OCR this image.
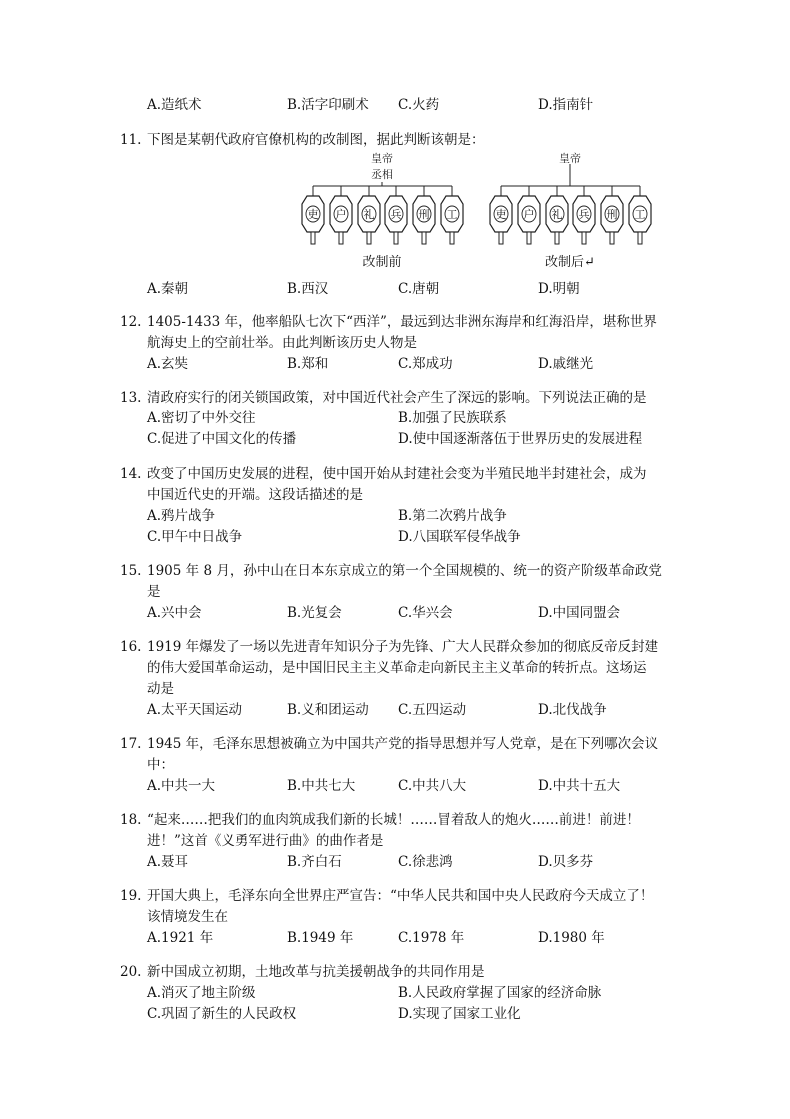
A.造纸术	B.活字印刷术 C.火药	D.指南针
11. 下图是某朝代政府官僚机构的改制图，据此判断该朝是：
吏 户 礼 兵 刑 工	吏 户 礼 兵 刑 工
皇帝
丞相
皇帝
改制前	改制后↵
A.秦朝	B.西汉	C.唐朝	D.明朝
12. 1405-1433 年，他率船队七次下“西洋”，最远到达非洲东海岸和红海沿岸，堪称世界
航海史上的空前壮举。由此判断该历史人物是
A.玄奘	B.郑和	C.郑成功	D.戚继光
13. 清政府实行的闭关锁国政策，对中国近代社会产生了深远的影响。下列说法正确的是
A.密切了中外交往	B.加强了民族联系
C.促进了中国文化的传播	D.使中国逐渐落伍于世界历史的发展进程
14. 改变了中国历史发展的进程，使中国开始从封建社会变为半殖民地半封建社会，成为
中国近代史的开端。这段话描述的是
A.鸦片战争	B.第二次鸦片战争
C.甲午中日战争	D.八国联军侵华战争
15. 1905 年 8 月，孙中山在日本东京成立的第一个全国规模的、统一的资产阶级革命政党
是
A.兴中会	B.光复会	C.华兴会	D.中国同盟会
16. 1919 年爆发了一场以先进青年知识分子为先锋、广大人民群众参加的彻底反帝反封建
的伟大爱国革命运动，是中国旧民主主义革命走向新民主主义革命的转折点。这场运
动是
A.太平天国运动	B.义和团运动 C.五四运动	D.北伐战争
17. 1945 年，毛泽东思想被确立为中国共产党的指导思想并写人党章，是在下列哪次会议
中：
A.中共一大	B.中共七大	C.中共八大	D.中共十五大
18. “起来……把我们的血肉筑成我们新的长城！……冒着敌人的炮火……前进！前进！
进！”这首《义勇军进行曲》的曲作者是
A.聂耳	B.齐白石	C.徐悲鸿	D.贝多芬
19. 开国大典上，毛泽东向全世界庄严宣告：“中华人民共和国中央人民政府今天成立了！
该情境发生在
A.1921 年	B.1949 年	C.1978 年	D.1980 年
20. 新中国成立初期，土地改革与抗美援朝战争的共同作用是
A.消灭了地主阶级	B.人民政府掌握了国家的经济命脉
C.巩固了新生的人民政权	D.实现了国家工业化
